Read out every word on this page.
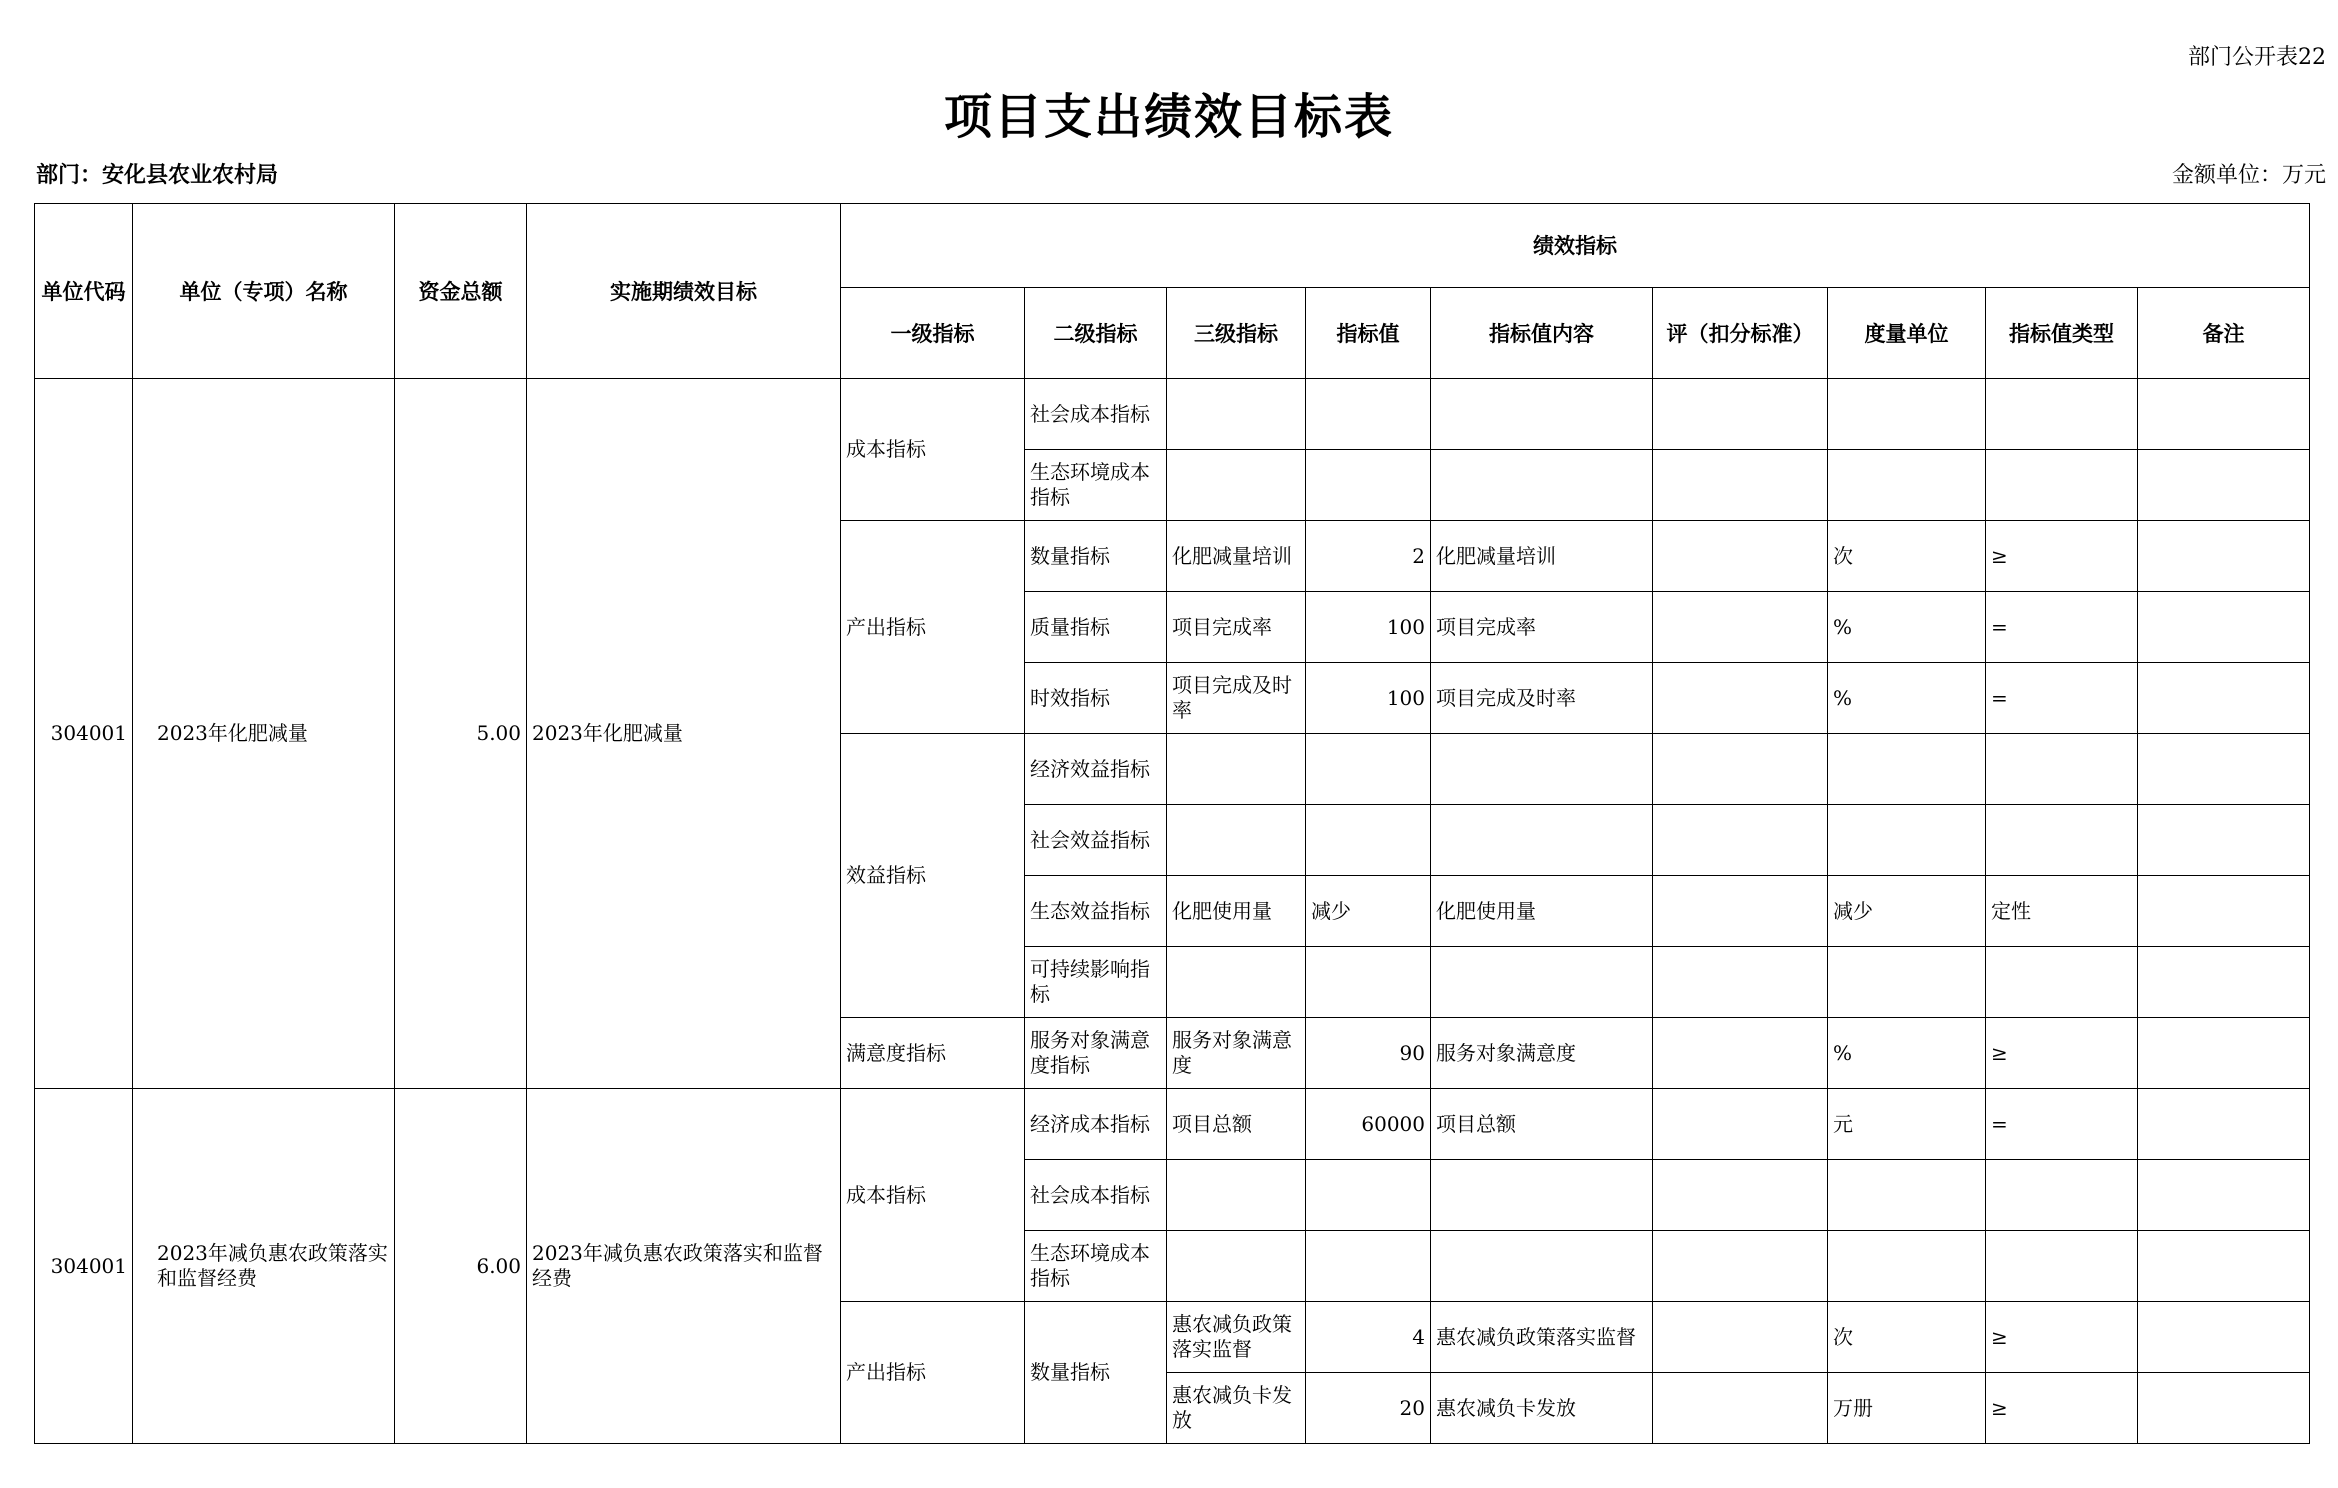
部门公开表22
项目支出绩效目标表
部门：安化县农业农村局	金额单位：万元
单位代码	单位（专项）名称	资金总额	实施期绩效目标	绩效指标								
				一级指标	二级指标	三级指标	指标值	指标值内容	评（扣分标准）	度量单位	指标值类型	备注
304001	2023年化肥减量	5.00	2023年化肥减量	成本指标	社会成本指标							
					生态环境成本指标							
				产出指标	数量指标	化肥减量培训	2	化肥减量培训		次	≥	
					质量指标	项目完成率	100	项目完成率		%	=	
					时效指标	项目完成及时率	100	项目完成及时率		%	=	
				效益指标	经济效益指标							
					社会效益指标							
					生态效益指标	化肥使用量	减少	化肥使用量		减少	定性	
					可持续影响指标							
				满意度指标	服务对象满意度指标	服务对象满意度	90	服务对象满意度		%	≥	
304001	2023年减负惠农政策落实和监督经费	6.00	2023年减负惠农政策落实和监督经费	成本指标	经济成本指标	项目总额	60000	项目总额		元	=	
					社会成本指标							
					生态环境成本指标							
				产出指标	数量指标	惠农减负政策落实监督	4	惠农减负政策落实监督		次	≥	
						惠农减负卡发放	20	惠农减负卡发放		万册	≥	
